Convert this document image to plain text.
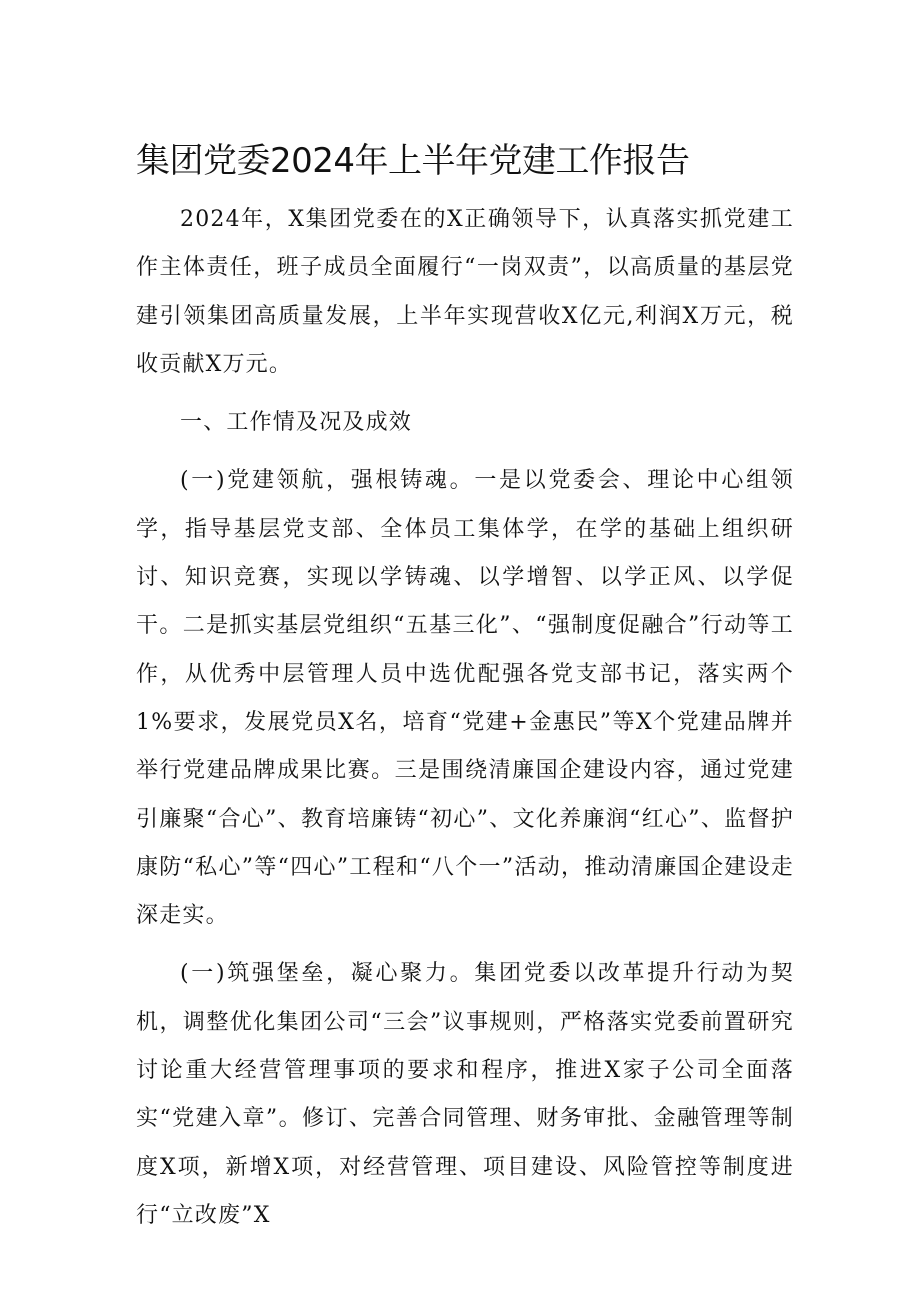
集团党委2024年上半年党建工作报告

2024年，X集团党委在的X正确领导下，认真落实抓党建工作主体责任，班子成员全面履行“一岗双责”，以高质量的基层党建引领集团高质量发展，上半年实现营收X亿元,利润X万元，税收贡献X万元。

一、工作情及况及成效

(一)党建领航，强根铸魂。一是以党委会、理论中心组领学，指导基层党支部、全体员工集体学，在学的基础上组织研讨、知识竞赛，实现以学铸魂、以学增智、以学正风、以学促干。二是抓实基层党组织“五基三化”、“强制度促融合”行动等工作，从优秀中层管理人员中选优配强各党支部书记，落实两个1%要求，发展党员X名，培育“党建+金惠民”等X个党建品牌并举行党建品牌成果比赛。三是围绕清廉国企建设内容，通过党建引廉聚“合心”、教育培廉铸“初心”、文化养廉润“红心”、监督护康防“私心”等“四心”工程和“八个一”活动，推动清廉国企建设走深走实。

(一)筑强堡垒，凝心聚力。集团党委以改革提升行动为契机，调整优化集团公司“三会”议事规则，严格落实党委前置研究讨论重大经营管理事项的要求和程序，推进X家子公司全面落实“党建入章”。修订、完善合同管理、财务审批、金融管理等制度X项，新增X项，对经营管理、项目建设、风险管控等制度进行“立改废”X
